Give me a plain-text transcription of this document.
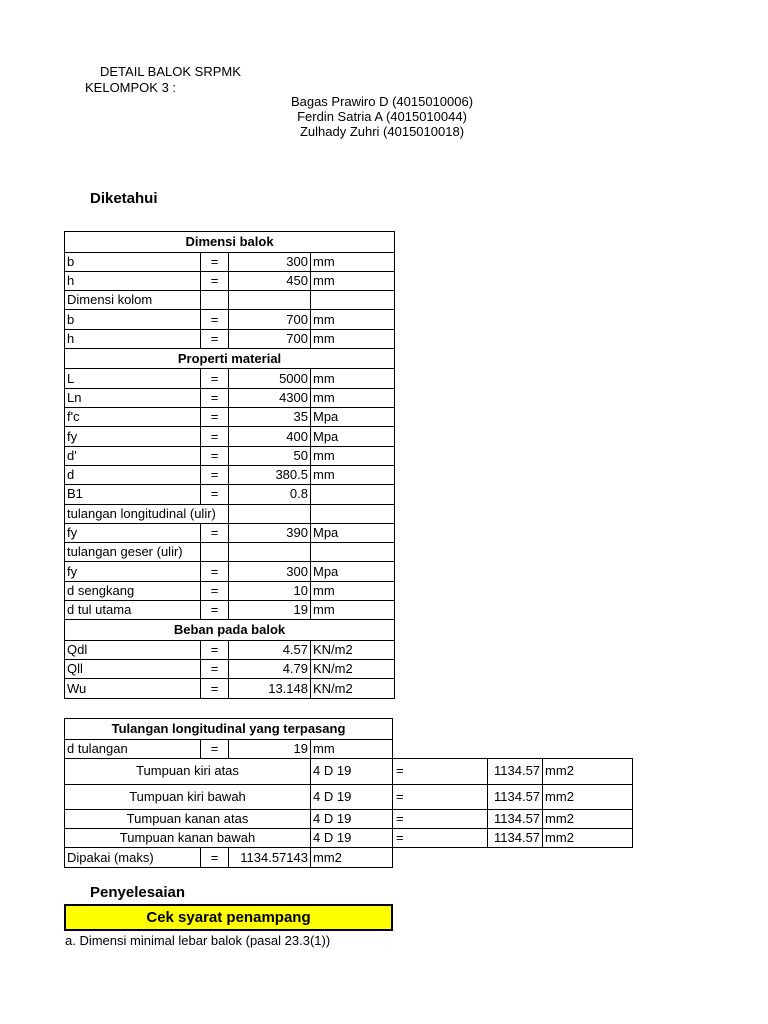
DETAIL BALOK SRPMK
KELOMPOK 3 :
Bagas Prawiro D (4015010006)
Ferdin Satria A (4015010044)
Zulhady Zuhri (4015010018)
Diketahui
Dimensi balok			
b	=	300	mm
h	=	450	mm
Dimensi kolom			
b	=	700	mm
h	=	700	mm
Properti material			
L	=	5000	mm
Ln	=	4300	mm
f'c	=	35	Mpa
fy	=	400	Mpa
d'	=	50	mm
d	=	380.5	mm
B1	=	0.8	
tulangan longitudinal (ulir)			
fy	=	390	Mpa
tulangan geser (ulir)			
fy	=	300	Mpa
d sengkang	=	10	mm
d tul utama	=	19	mm
Beban pada balok			
Qdl	=	4.57	KN/m2
Qll	=	4.79	KN/m2
Wu	=	13.148	KN/m2
Tulangan longitudinal yang terpasang						
d tulangan	=	19	mm			
Tumpuan kiri atas			4 D 19	=	1134.57	mm2
Tumpuan kiri bawah			4 D 19	=	1134.57	mm2
Tumpuan kanan atas			4 D 19	=	1134.57	mm2
Tumpuan kanan bawah			4 D 19	=	1134.57	mm2
Dipakai (maks)	=	1134.57143	mm2			
Penyelesaian
Cek syarat penampang
a. Dimensi minimal lebar balok (pasal 23.3(1))
